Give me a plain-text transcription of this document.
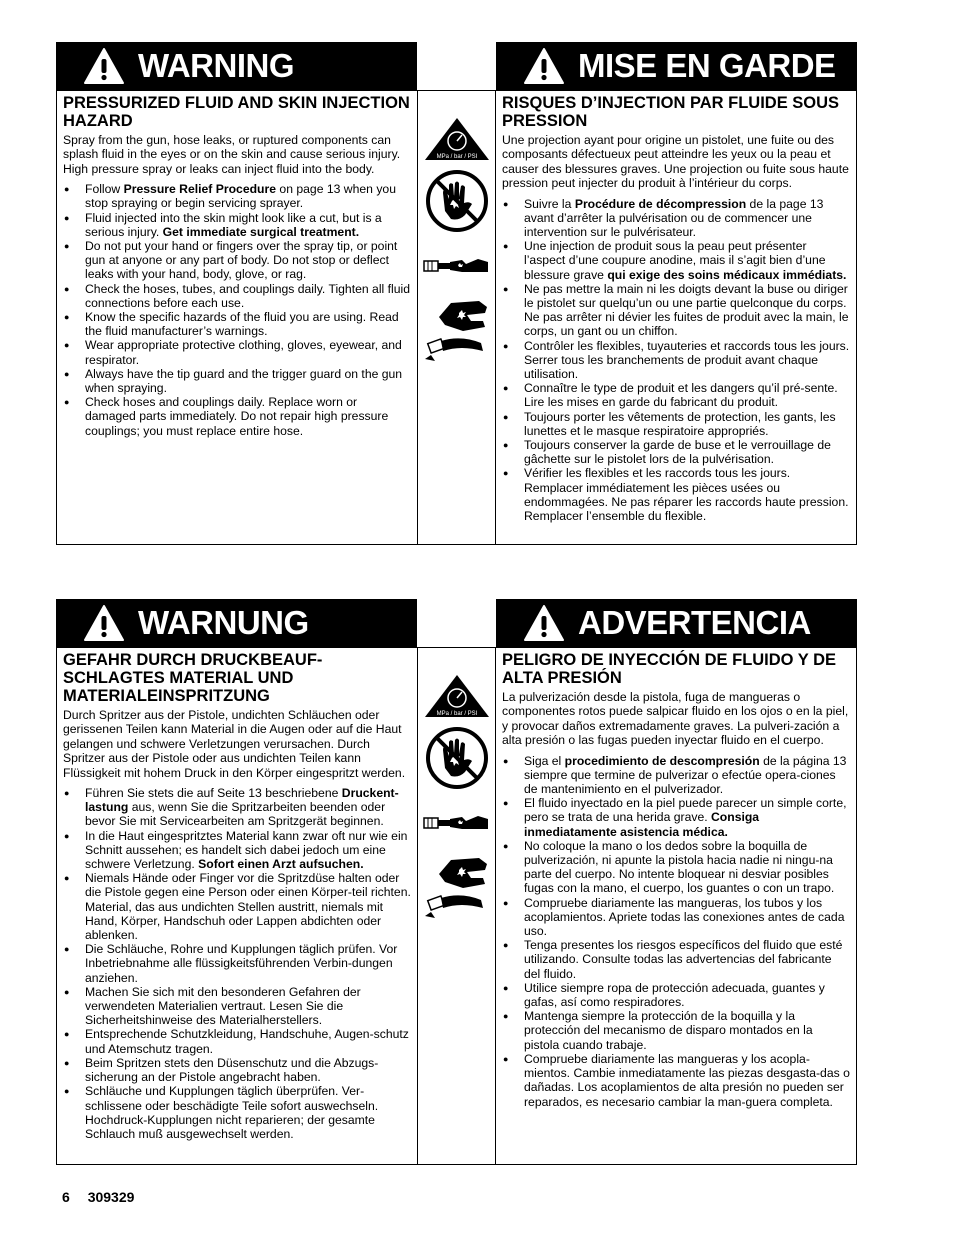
WARNING	MISE EN GARDE
PRESSURIZED FLUID AND SKIN INJECTION HAZARD
Spray from the gun, hose leaks, or ruptured components can splash fluid in the eyes or on the skin and cause serious injury. High pressure spray or leaks can inject fluid into the body.
● Follow Pressure Relief Procedure on page 13 when you stop spraying or begin servicing sprayer.
● Fluid injected into the skin might look like a cut, but is a serious injury. Get immediate surgical treatment.
● Do not put your hand or fingers over the spray tip, or point gun at anyone or any part of body. Do not stop or deflect leaks with your hand, body, glove, or rag.
● Check the hoses, tubes, and couplings daily. Tighten all fluid connections before each use.
● Know the specific hazards of the fluid you are using. Read the fluid manufacturer’s warnings.
● Wear appropriate protective clothing, gloves, eyewear, and respirator.
● Always have the tip guard and the trigger guard on the gun when spraying.
● Check hoses and couplings daily. Replace worn or damaged parts immediately. Do not repair high pressure couplings; you must replace entire hose.
MPa / bar / PSI
RISQUES D’INJECTION PAR FLUIDE SOUS PRESSION
Une projection ayant pour origine un pistolet, une fuite ou des composants défectueux peut atteindre les yeux ou la peau et causer des blessures graves. Une projection ou fuite sous haute pression peut injecter du produit à l’intérieur du corps.
● Suivre la Procédure de décompression de la page 13 avant d’arrêter la pulvérisation ou de commencer une intervention sur le pulvérisateur.
● Une injection de produit sous la peau peut présenter l’aspect d’une coupure anodine, mais il s’agit bien d’une blessure grave qui exige des soins médicaux immédiats.
● Ne pas mettre la main ni les doigts devant la buse ou diriger le pistolet sur quelqu’un ou une partie quelconque du corps. Ne pas arrêter ni dévier les fuites de produit avec la main, le corps, un gant ou un chiffon.
● Contrôler les flexibles, tuyauteries et raccords tous les jours. Serrer tous les branchements de produit avant chaque utilisation.
● Connaître le type de produit et les dangers qu’il pré-sente. Lire les mises en garde du fabricant du produit.
● Toujours porter les vêtements de protection, les gants, les lunettes et le masque respiratoire appropriés.
● Toujours conserver la garde de buse et le verrouillage de gâchette sur le pistolet lors de la pulvérisation.
● Vérifier les flexibles et les raccords tous les jours. Remplacer immédiatement les pièces usées ou endommagées. Ne pas réparer les raccords haute pression. Remplacer l’ensemble du flexible.
WARNUNG	ADVERTENCIA
GEFAHR DURCH DRUCKBEAUF-SCHLAGTES MATERIAL UND MATERIALEINSPRITZUNG
Durch Spritzer aus der Pistole, undichten Schläuchen oder gerissenen Teilen kann Material in die Augen oder auf die Haut gelangen und schwere Verletzungen verursachen. Durch Spritzer aus der Pistole oder aus undichten Teilen kann Flüssigkeit mit hohem Druck in den Körper eingespritzt werden.
● Führen Sie stets die auf Seite 13 beschriebene Druckent-lastung aus, wenn Sie die Spritzarbeiten beenden oder bevor Sie mit Servicearbeiten am Spritzgerät beginnen.
● In die Haut eingespritztes Material kann zwar oft nur wie ein Schnitt aussehen; es handelt sich dabei jedoch um eine schwere Verletzung. Sofort einen Arzt aufsuchen.
● Niemals Hände oder Finger vor die Spritzdüse halten oder die Pistole gegen eine Person oder einen Körper-teil richten. Material, das aus undichten Stellen austritt, niemals mit Hand, Körper, Handschuh oder Lappen abdichten oder ablenken.
● Die Schläuche, Rohre und Kupplungen täglich prüfen. Vor Inbetriebnahme alle flüssigkeitsführenden Verbin-dungen anziehen.
● Machen Sie sich mit den besonderen Gefahren der verwendeten Materialien vertraut. Lesen Sie die Sicherheitshinweise des Materialherstellers.
● Entsprechende Schutzkleidung, Handschuhe, Augen-schutz und Atemschutz tragen.
● Beim Spritzen stets den Düsenschutz und die Abzugs-sicherung an der Pistole angebracht haben.
● Schläuche und Kupplungen täglich überprüfen. Ver-schlissene oder beschädigte Teile sofort auswechseln. Hochdruck-Kupplungen nicht reparieren; der gesamte Schlauch muß ausgewechselt werden.
MPa / bar / PSI
PELIGRO DE INYECCIÓN DE FLUIDO Y DE ALTA PRESIÓN
La pulverización desde la pistola, fuga de mangueras o componentes rotos puede salpicar fluido en los ojos o en la piel, y provocar daños extremadamente graves. La pulveri-zación a alta presión o las fugas pueden inyectar fluido en el cuerpo.
● Siga el procedimiento de descompresión de la página 13 siempre que termine de pulverizar o efectúe opera-ciones de mantenimiento en el pulverizador.
● El fluido inyectado en la piel puede parecer un simple corte, pero se trata de una herida grave. Consiga inmediatamente asistencia médica.
● No coloque la mano o los dedos sobre la boquilla de pulverización, ni apunte la pistola hacia nadie ni ningu-na parte del cuerpo. No intente bloquear ni desviar posibles fugas con la mano, el cuerpo, los guantes o con un trapo.
● Compruebe diariamente las mangueras, los tubos y los acoplamientos. Apriete todas las conexiones antes de cada uso.
● Tenga presentes los riesgos específicos del fluido que esté utilizando. Consulte todas las advertencias del fabricante del fluido.
● Utilice siempre ropa de protección adecuada, guantes y gafas, así como respiradores.
● Mantenga siempre la protección de la boquilla y la protección del mecanismo de disparo montados en la pistola cuando trabaje.
● Compruebe diariamente las mangueras y los acopla-mientos. Cambie inmediatamente las piezas desgasta-das o dañadas. Los acoplamientos de alta presión no pueden ser reparados, es necesario cambiar la man-guera completa.
6 309329
